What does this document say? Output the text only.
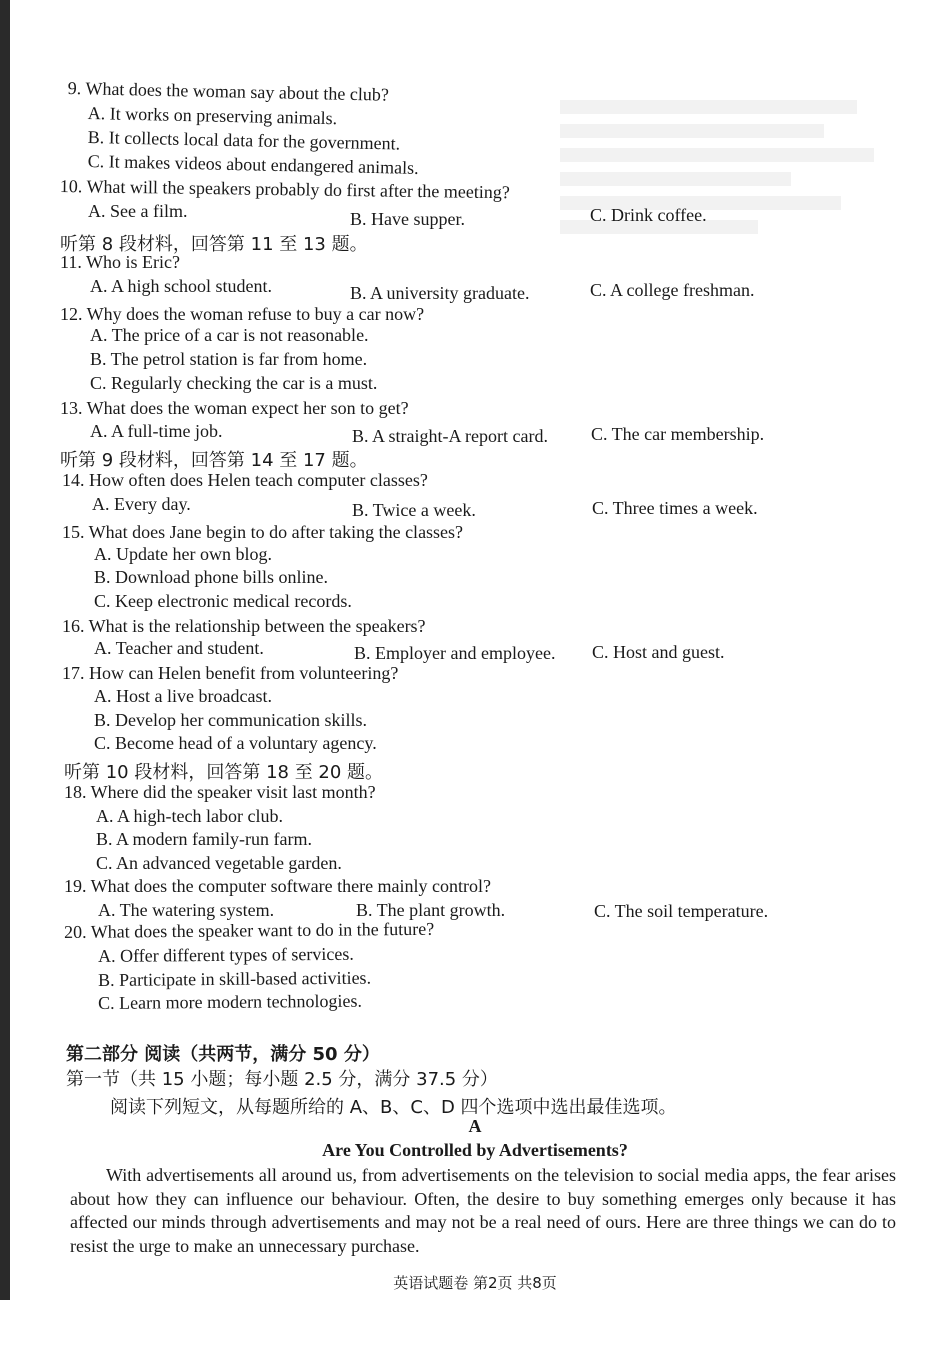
9. What does the woman say about the club?
A. It works on preserving animals.
B. It collects local data for the government.
C. It makes videos about endangered animals.
10. What will the speakers probably do first after the meeting?
A. See a film.	B. Have supper.	C. Drink coffee.
听第 8 段材料，回答第 11 至 13 题。
11. Who is Eric?
A. A high school student.	B. A university graduate.	C. A college freshman.
12. Why does the woman refuse to buy a car now?
A. The price of a car is not reasonable.
B. The petrol station is far from home.
C. Regularly checking the car is a must.
13. What does the woman expect her son to get?
A. A full-time job.	B. A straight-A report card. C. The car membership.
听第 9 段材料，回答第 14 至 17 题。
14. How often does Helen teach computer classes?
A. Every day.	B. Twice a week.	C. Three times a week.
15. What does Jane begin to do after taking the classes?
A. Update her own blog.
B. Download phone bills online.
C. Keep electronic medical records.
16. What is the relationship between the speakers?
A. Teacher and student.	B. Employer and employee. C. Host and guest.
17. How can Helen benefit from volunteering?
A. Host a live broadcast.
B. Develop her communication skills.
C. Become head of a voluntary agency.
听第 10 段材料，回答第 18 至 20 题。
18. Where did the speaker visit last month?
A. A high-tech labor club.
B. A modern family-run farm.
C. An advanced vegetable garden.
19. What does the computer software there mainly control?
A. The watering system.	B. The plant growth.	C. The soil temperature.
20. What does the speaker want to do in the future?
A. Offer different types of services.
B. Participate in skill-based activities.
C. Learn more modern technologies.
第二部分 阅读（共两节，满分 50 分）
第一节（共 15 小题；每小题 2.5 分，满分 37.5 分）
阅读下列短文，从每题所给的 A、B、C、D 四个选项中选出最佳选项。
A
Are You Controlled by Advertisements?
With advertisements all around us, from advertisements on the television to social media apps, the fear arises about how they can influence our behaviour. Often, the desire to buy something emerges only because it has affected our minds through advertisements and may not be a real need of ours. Here are three things we can do to resist the urge to make an unnecessary purchase.
英语试题卷 第2页 共8页
